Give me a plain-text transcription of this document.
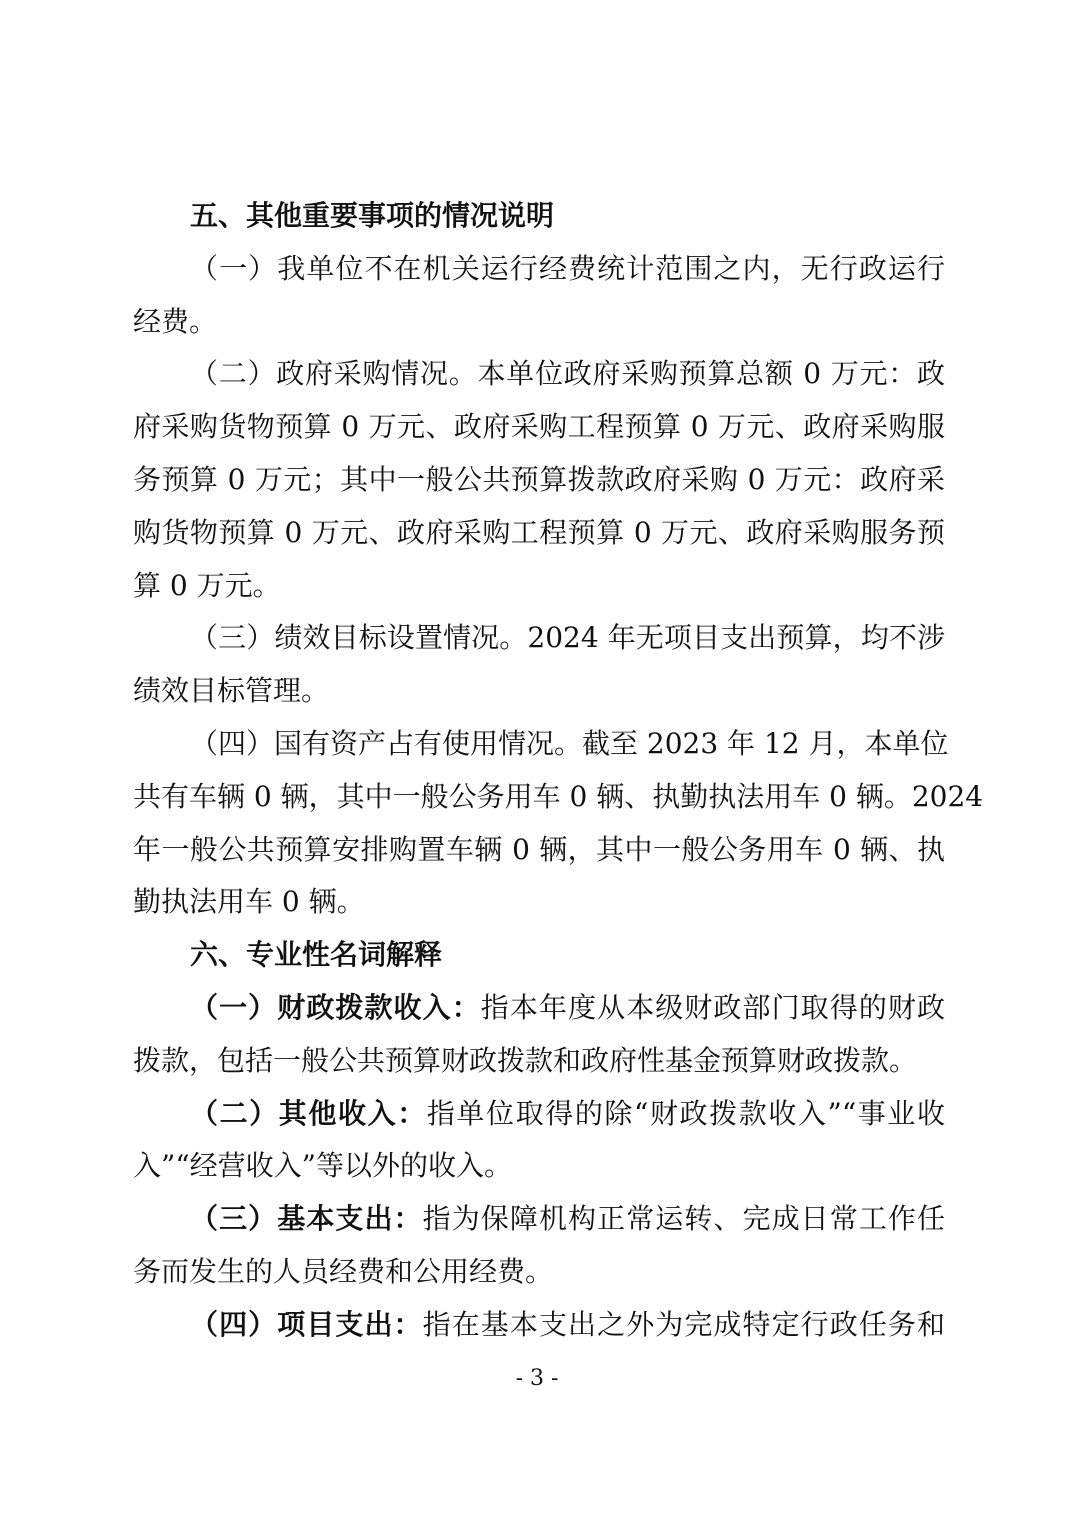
五、其他重要事项的情况说明
（一）我单位不在机关运行经费统计范围之内，无行政运行
经费。
（二）政府采购情况。本单位政府采购预算总额 0 万元：政
府采购货物预算 0 万元、政府采购工程预算 0 万元、政府采购服
务预算 0 万元；其中一般公共预算拨款政府采购 0 万元：政府采
购货物预算 0 万元、政府采购工程预算 0 万元、政府采购服务预
算 0 万元。
（三）绩效目标设置情况。2024 年无项目支出预算，均不涉
绩效目标管理。
（四）国有资产占有使用情况。截至 2023 年 12 月，本单位
共有车辆 0 辆，其中一般公务用车 0 辆、执勤执法用车 0 辆。2024
年一般公共预算安排购置车辆 0 辆，其中一般公务用车 0 辆、执
勤执法用车 0 辆。
六、专业性名词解释
（一）财政拨款收入：指本年度从本级财政部门取得的财政
拨款，包括一般公共预算财政拨款和政府性基金预算财政拨款。
（二）其他收入：指单位取得的除“财政拨款收入”“事业收
入”“经营收入”等以外的收入。
（三）基本支出：指为保障机构正常运转、完成日常工作任
务而发生的人员经费和公用经费。
（四）项目支出：指在基本支出之外为完成特定行政任务和
- 3 -
